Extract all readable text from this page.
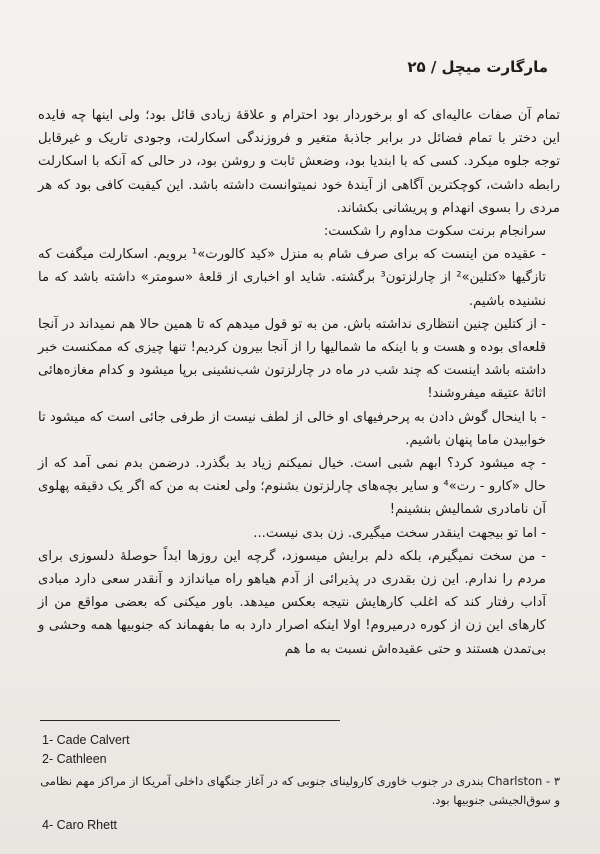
مارگارت میچل / ۲۵

تمام آن صفات عالیه‌ای که او برخوردار بود احترام و علاقهٔ زیادی قائل بود؛ ولی اینها چه فایده این دختر با تمام فضائل در برابر جاذبهٔ متغیر و فروزندگی اسکارلت، وجودی تاریک و غیرقابل توجه جلوه میکرد. کسی که با ابندیا بود، وضعش ثابت و روشن بود، در حالی که آنکه با اسکارلت رابطه داشت، کوچکترین آگاهی از آیندهٔ خود نمیتوانست داشته باشد. این کیفیت کافی بود که هر مردی را بسوی انهدام و پریشانی بکشاند.

سرانجام برنت سکوت مداوم را شکست:

- عقیده من اینست که برای صرف شام به منزل «کید کالورت»¹ برویم. اسکارلت میگفت که تازگیها «کتلین»² از چارلزتون³ برگشته. شاید او اخباری از قلعهٔ «سومتر» داشته باشد که ما نشنیده باشیم.

- از کتلین چنین انتظاری نداشته باش. من به تو قول میدهم که تا همین حالا هم نمیداند در آنجا قلعه‌ای بوده و هست و با اینکه ما شمالیها را از آنجا بیرون کردیم! تنها چیزی که ممکنست خبر داشته باشد اینست که چند شب در ماه در چارلزتون شب‌نشینی برپا میشود و کدام مغازه‌هائی اثاثهٔ عتیقه میفروشند!

- با اینحال گوش دادن به پرحرفیهای او خالی از لطف نیست از طرفی جائی است که میشود تا خوابیدن ماما پنهان باشیم.

- چه میشود کرد؟ ابهم شبی است. خیال نمیکنم زیاد بد بگذرد. درضمن بدم نمی آمد که از حال «کارو - رت»⁴ و سایر بچه‌های چارلزتون بشنوم؛ ولی لعنت به من که اگر یک دقیقه پهلوی آن نامادری شمالیش بنشینم!

- اما تو بیجهت اینقدر سخت میگیری. زن بدی نیست...

- من سخت نمیگیرم، بلکه دلم برایش میسوزد، گرچه این روزها ابداً حوصلهٔ دلسوزی برای مردم را ندارم. این زن بقدری در پذیرائی از آدم هیاهو راه میاندازد و آنقدر سعی دارد مبادی آداب رفتار کند که اغلب کارهایش نتیجه بعکس میدهد. باور میکنی که بعضی مواقع من از کارهای این زن از کوره درمیروم! اولا اینکه اصرار دارد به ما بفهماند که جنوبیها همه وحشی و بی‌تمدن هستند و حتی عقیده‌اش نسبت به ما هم

1- Cade Calvert
2- Cathleen
۳ - Charlston بندری در جنوب خاوری کارولینای جنوبی که در آغاز جنگهای داخلی آمریکا از مراکز مهم نظامی و سوق‌الجیشی جنوبیها بود.
4- Caro Rhett
